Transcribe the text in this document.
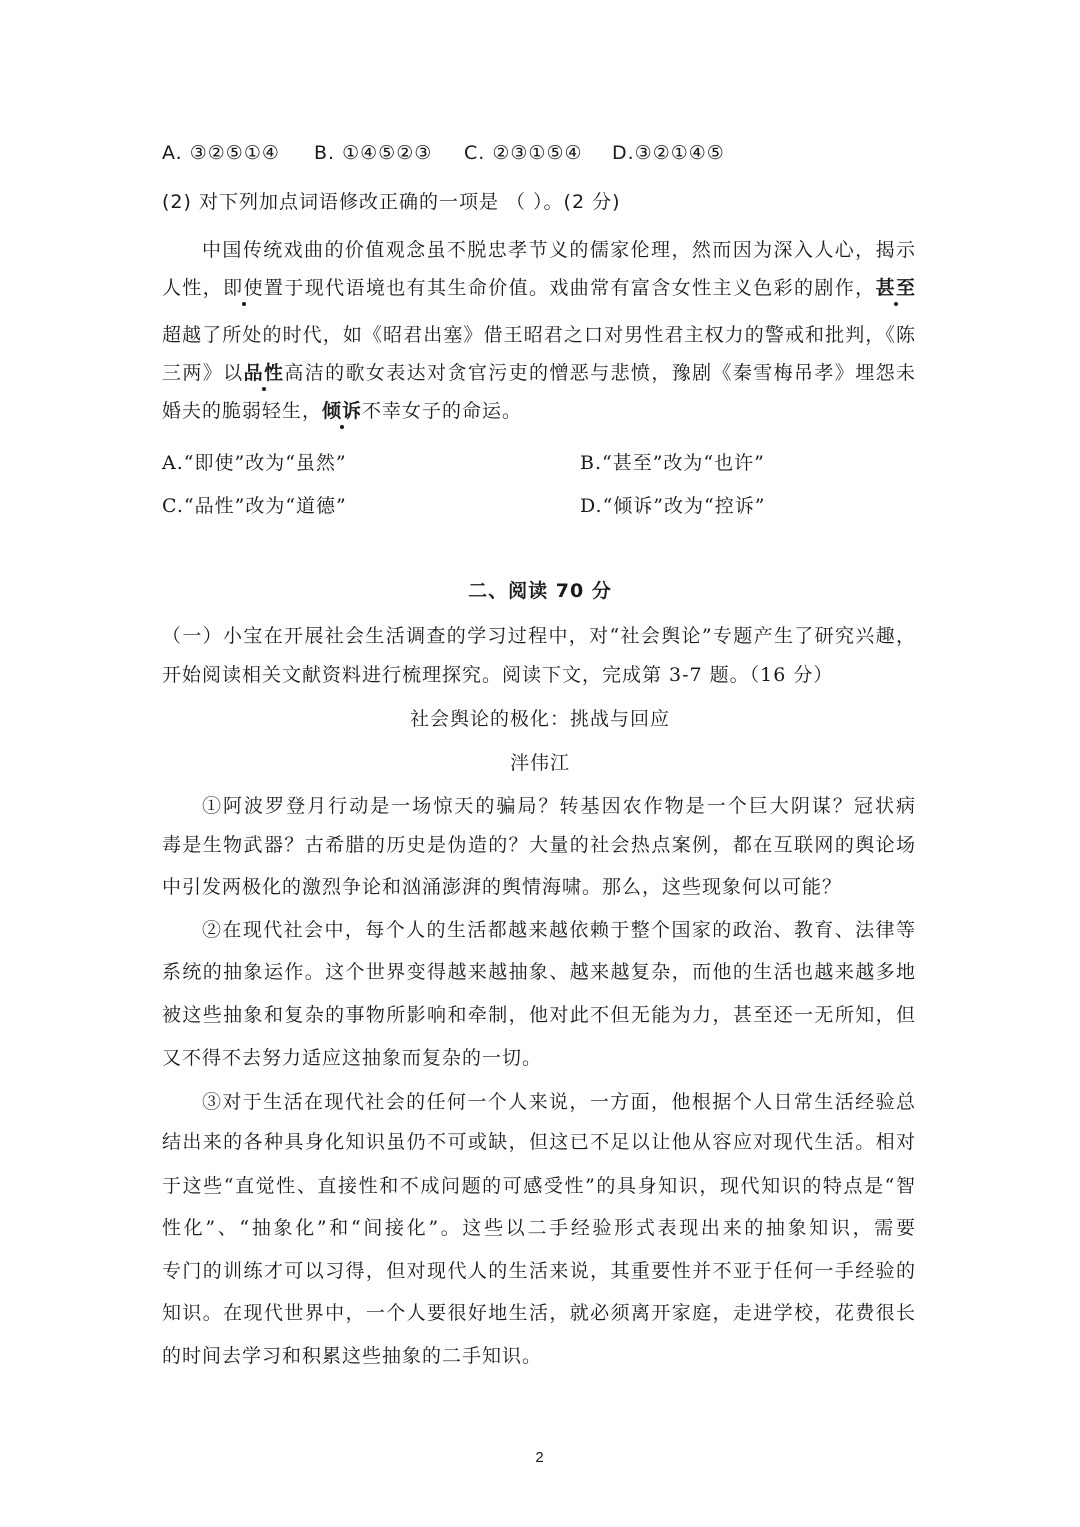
A. ③②⑤①④ B. ①④⑤②③ C. ②③①⑤④ D.③②①④⑤
(2) 对下列加点词语修改正确的一项是 （ ）。(2 分)
中国传统戏曲的价值观念虽不脱忠孝节义的儒家伦理，然而因为深入人心，揭示
人性，即使置于现代语境也有其生命价值。戏曲常有富含女性主义色彩的剧作，甚至
超越了所处的时代，如《昭君出塞》借王昭君之口对男性君主权力的警戒和批判，《陈
三两》以品性高洁的歌女表达对贪官污吏的憎恶与悲愤，豫剧《秦雪梅吊孝》埋怨未
婚夫的脆弱轻生，倾诉不幸女子的命运。
A.“即使”改为“虽然”	B.“甚至”改为“也许”
C.“品性”改为“道德”	D.“倾诉”改为“控诉”
二、阅读 70 分
（一）小宝在开展社会生活调查的学习过程中，对“社会舆论”专题产生了研究兴趣，
开始阅读相关文献资料进行梳理探究。阅读下文，完成第 3-7 题。（16 分）
社会舆论的极化：挑战与回应
泮伟江
①阿波罗登月行动是一场惊天的骗局？转基因农作物是一个巨大阴谋？冠状病
毒是生物武器？古希腊的历史是伪造的？大量的社会热点案例，都在互联网的舆论场
中引发两极化的激烈争论和汹涌澎湃的舆情海啸。那么，这些现象何以可能？
②在现代社会中，每个人的生活都越来越依赖于整个国家的政治、教育、法律等
系统的抽象运作。这个世界变得越来越抽象、越来越复杂，而他的生活也越来越多地
被这些抽象和复杂的事物所影响和牵制，他对此不但无能为力，甚至还一无所知，但
又不得不去努力适应这抽象而复杂的一切。
③对于生活在现代社会的任何一个人来说，一方面，他根据个人日常生活经验总
结出来的各种具身化知识虽仍不可或缺，但这已不足以让他从容应对现代生活。相对
于这些“直觉性、直接性和不成问题的可感受性”的具身知识，现代知识的特点是“智
性化”、“抽象化”和“间接化”。这些以二手经验形式表现出来的抽象知识，需要
专门的训练才可以习得，但对现代人的生活来说，其重要性并不亚于任何一手经验的
知识。在现代世界中，一个人要很好地生活，就必须离开家庭，走进学校，花费很长
的时间去学习和积累这些抽象的二手知识。
2
